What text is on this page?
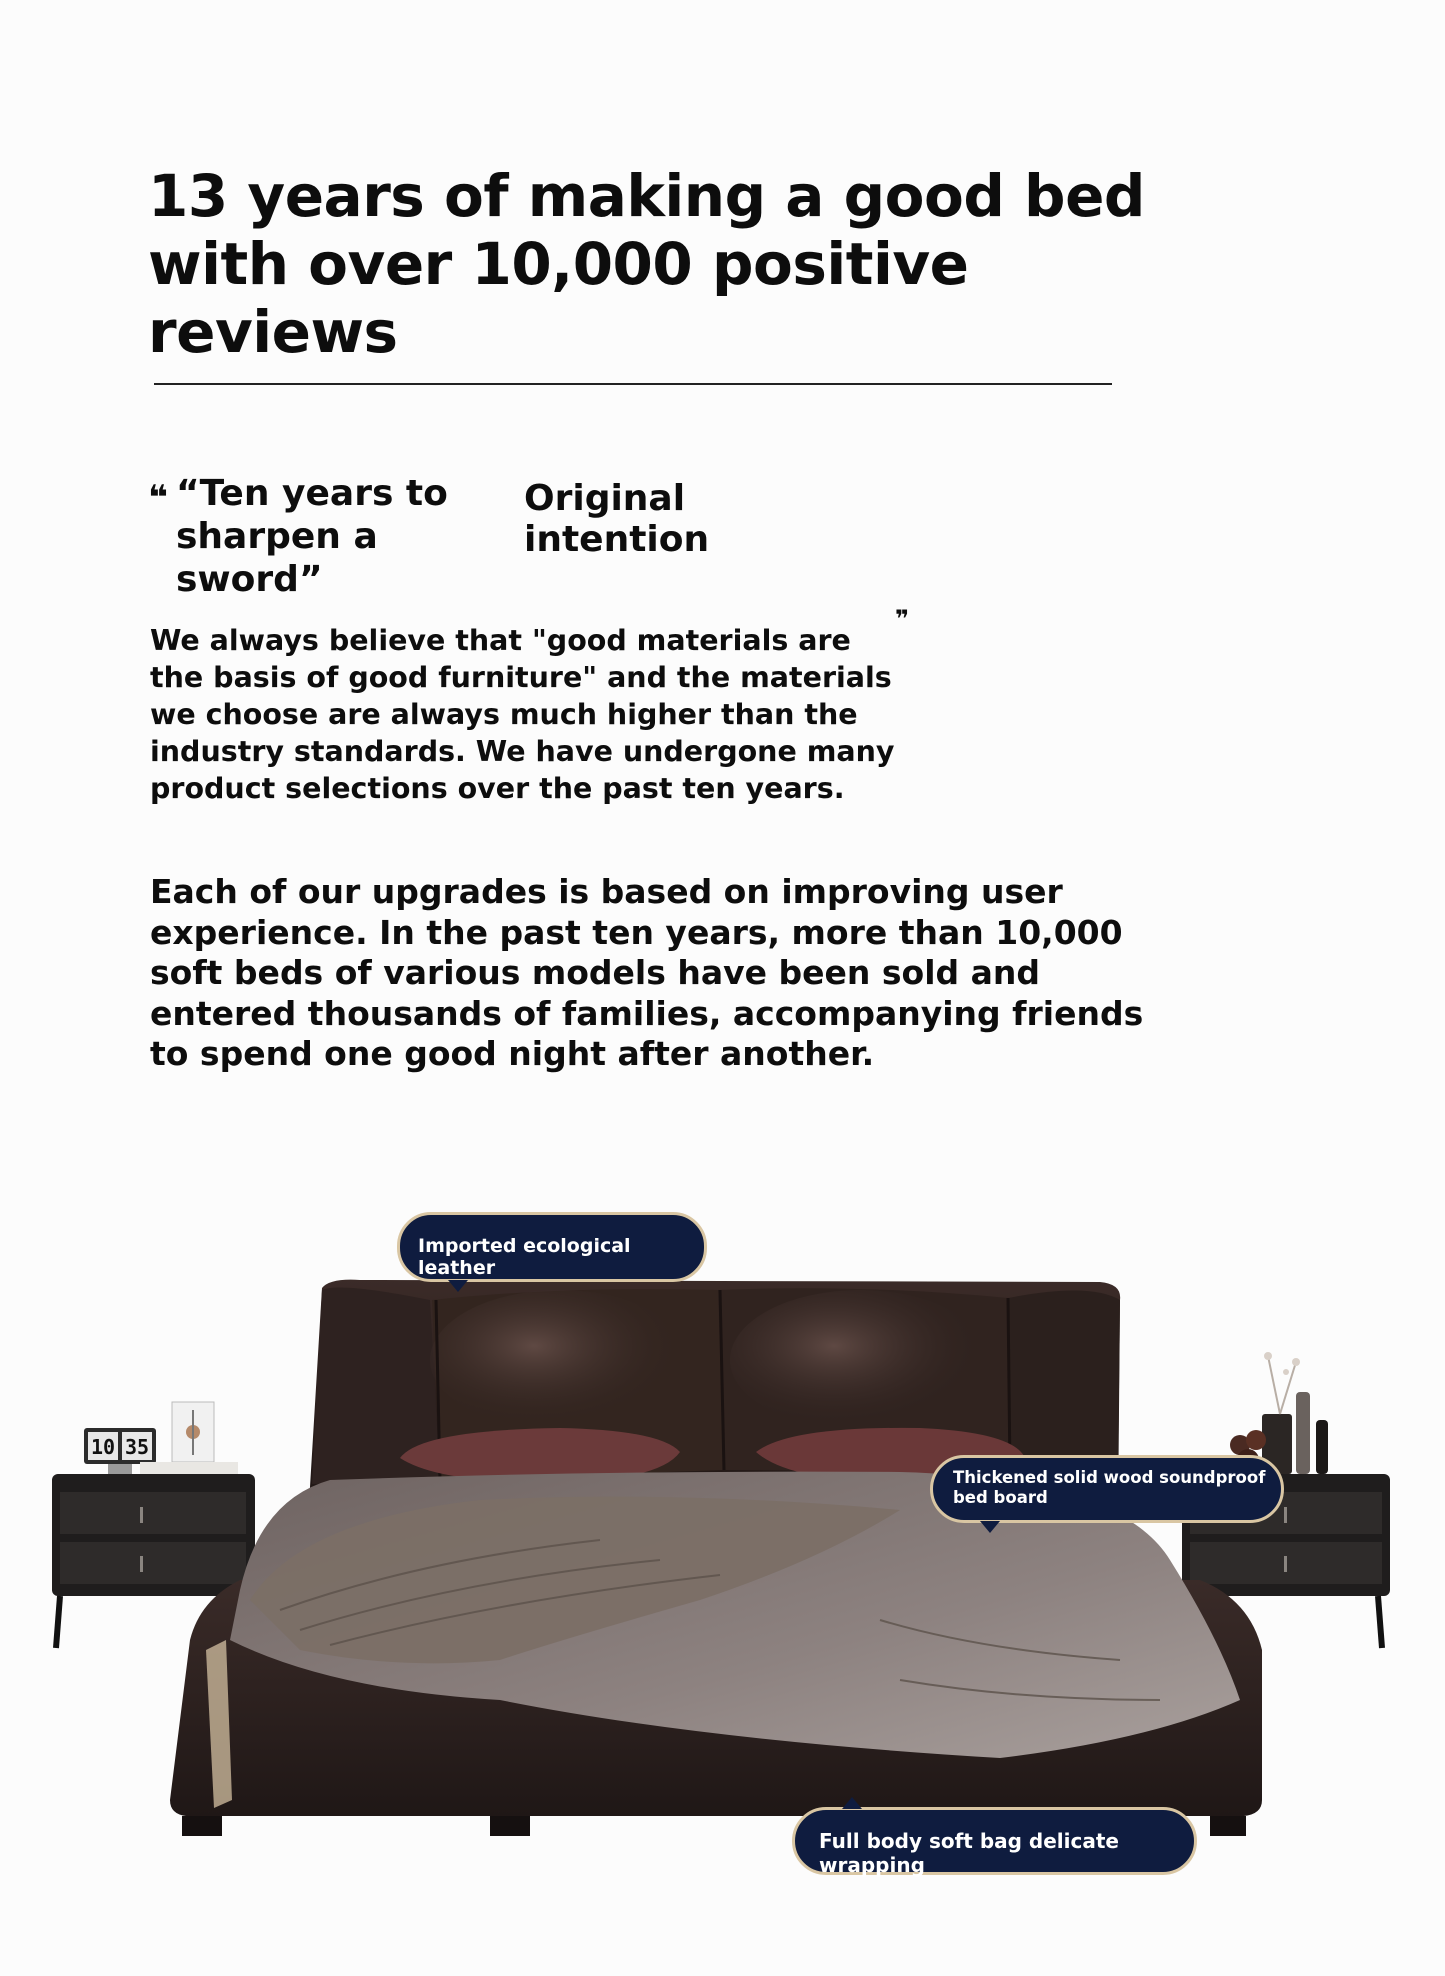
13 years of making a good bed
with over 10,000 positive reviews
❝ “Ten years to
sharpen a sword”
Original
intention
❞
We always believe that "good materials are the basis of good furniture" and the materials we choose are always much higher than the industry standards. We have undergone many product selections over the past ten years.
Each of our upgrades is based on improving user experience. In the past ten years, more than 10,000 soft beds of various models have been sold and entered thousands of families, accompanying friends to spend one good night after another.
10 35
Imported ecological leather
Thickened solid wood soundproof bed board
Full body soft bag delicate wrapping
